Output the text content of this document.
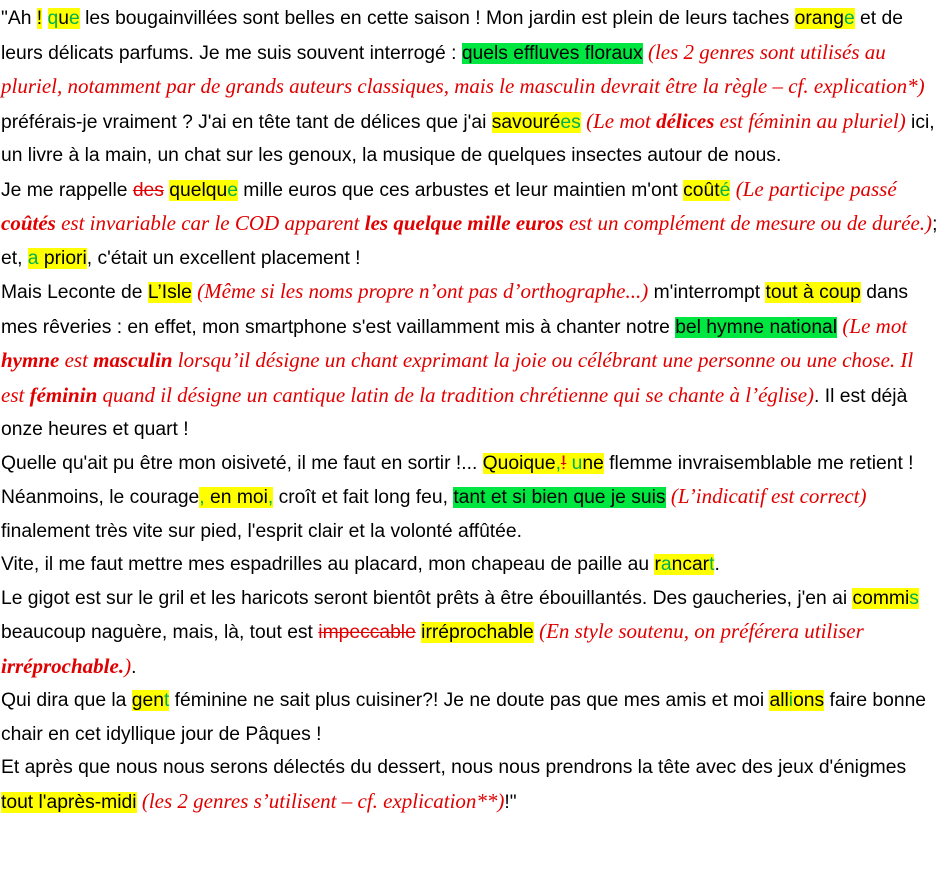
"Ah ! que les bougainvillées sont belles en cette saison ! Mon jardin est plein de leurs taches orange et de leurs délicats parfums. Je me suis souvent interrogé : quels effluves floraux (les 2 genres sont utilisés au pluriel, notamment par de grands auteurs classiques, mais le masculin devrait être la règle – cf. explication*) préférais-je vraiment ? J'ai en tête tant de délices que j'ai savourées (Le mot délices est féminin au pluriel) ici, un livre à la main, un chat sur les genoux, la musique de quelques insectes autour de nous.

Je me rappelle des quelque mille euros que ces arbustes et leur maintien m'ont coûté (Le participe passé coûtés est invariable car le COD apparent les quelque mille euros est un complément de mesure ou de durée.); et, a priori, c'était un excellent placement !

Mais Leconte de L’Isle (Même si les noms propre n’ont pas d’orthographe...) m'interrompt tout à coup dans mes rêveries : en effet, mon smartphone s'est vaillamment mis à chanter notre bel hymne national (Le mot hymne est masculin lorsqu’il désigne un chant exprimant la joie ou célébrant une personne ou une chose. Il est féminin quand il désigne un cantique latin de la tradition chrétienne qui se chante à l’église). Il est déjà onze heures et quart !

Quelle qu'ait pu être mon oisiveté, il me faut en sortir !... Quoique,! une flemme invraisemblable me retient !

Néanmoins, le courage, en moi, croît et fait long feu, tant et si bien que je suis (L’indicatif est correct) finalement très vite sur pied, l'esprit clair et la volonté affûtée.

Vite, il me faut mettre mes espadrilles au placard, mon chapeau de paille au rancart.

Le gigot est sur le gril et les haricots seront bientôt prêts à être ébouillantés. Des gaucheries, j'en ai commis beaucoup naguère, mais, là, tout est impeccable irréprochable (En style soutenu, on préférera utiliser irréprochable.).

Qui dira que la gent féminine ne sait plus cuisiner?! Je ne doute pas que mes amis et moi allions faire bonne chair en cet idyllique jour de Pâques !

Et après que nous nous serons délectés du dessert, nous nous prendrons la tête avec des jeux d'énigmes tout l'après-midi (les 2 genres s’utilisent – cf. explication**)!"
